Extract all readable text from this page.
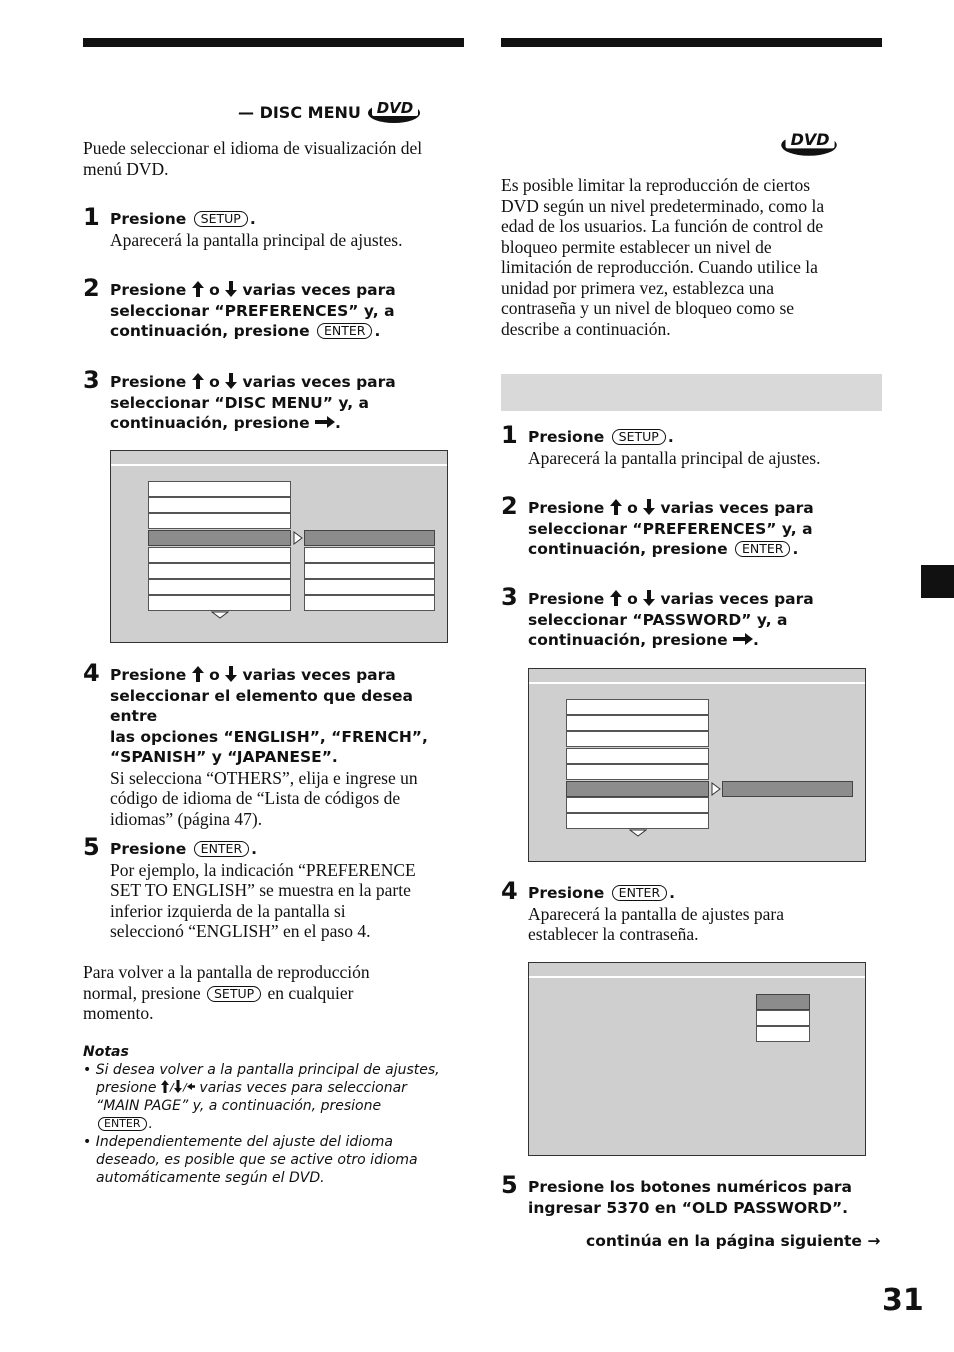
— DISC MENU DVD
Puede seleccionar el idioma de visualización del menú DVD.
1 Presione SETUP .
Aparecerá la pantalla principal de ajustes.
2 Presione o varias veces para
seleccionar “PREFERENCES” y, a
continuación, presione ENTER .
3 Presione o varias veces para
seleccionar “DISC MENU” y, a
continuación, presione .
4 Presione o varias veces para
seleccionar el elemento que desea entre
las opciones “ENGLISH”, “FRENCH”,
“SPANISH” y “JAPANESE”.
Si selecciona “OTHERS”, elija e ingrese un
código de idioma de “Lista de códigos de
idiomas” (página 47).
5 Presione ENTER .
Por ejemplo, la indicación “PREFERENCE
SET TO ENGLISH” se muestra en la parte
inferior izquierda de la pantalla si
seleccionó “ENGLISH” en el paso 4.
Para volver a la pantalla de reproducción
normal, presione SETUP en cualquier
momento.
Notas
• Si desea volver a la pantalla principal de ajustes,
presione / / varias veces para seleccionar
“MAIN PAGE” y, a continuación, presione
ENTER .
• Independientemente del ajuste del idioma
deseado, es posible que se active otro idioma
automáticamente según el DVD.
DVD
Es posible limitar la reproducción de ciertos
DVD según un nivel predeterminado, como la
edad de los usuarios. La función de control de
bloqueo permite establecer un nivel de
limitación de reproducción. Cuando utilice la
unidad por primera vez, establezca una
contraseña y un nivel de bloqueo como se
describe a continuación.
1 Presione SETUP .
Aparecerá la pantalla principal de ajustes.
2 Presione o varias veces para
seleccionar “PREFERENCES” y, a
continuación, presione ENTER .
3 Presione o varias veces para
seleccionar “PASSWORD” y, a
continuación, presione .
4 Presione ENTER .
Aparecerá la pantalla de ajustes para
establecer la contraseña.
5 Presione los botones numéricos para
ingresar 5370 en “OLD PASSWORD”.
continúa en la página siguiente →
31
